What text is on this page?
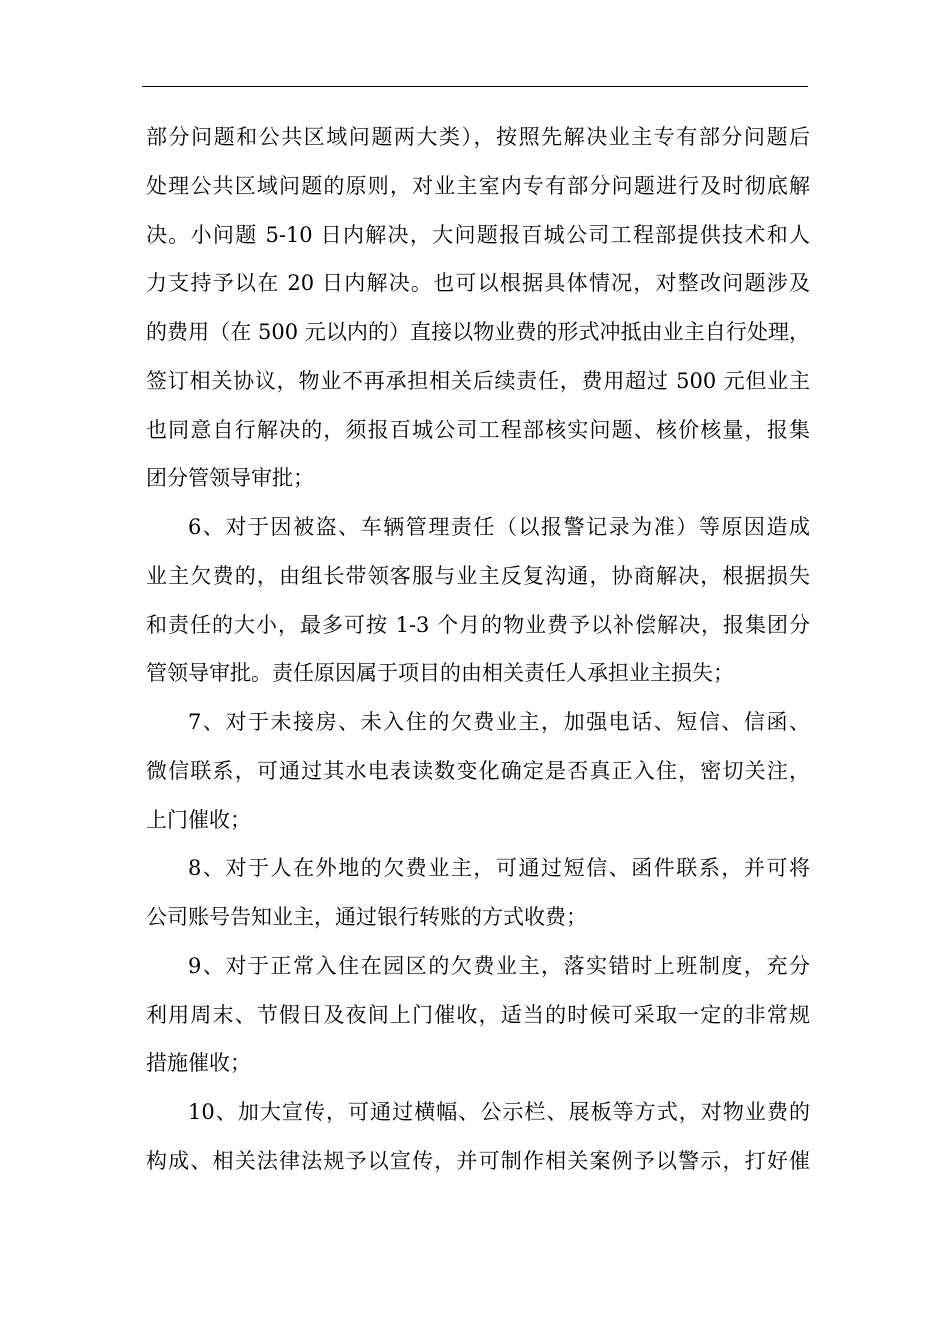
部分问题和公共区域问题两大类），按照先解决业主专有部分问题后
处理公共区域问题的原则，对业主室内专有部分问题进行及时彻底解
决。小问题 5-10 日内解决，大问题报百城公司工程部提供技术和人
力支持予以在 20 日内解决。也可以根据具体情况，对整改问题涉及
的费用（在 500 元以内的）直接以物业费的形式冲抵由业主自行处理，
签订相关协议，物业不再承担相关后续责任，费用超过 500 元但业主
也同意自行解决的，须报百城公司工程部核实问题、核价核量，报集
团分管领导审批；
6、对于因被盗、车辆管理责任（以报警记录为准）等原因造成
业主欠费的，由组长带领客服与业主反复沟通，协商解决，根据损失
和责任的大小，最多可按 1-3 个月的物业费予以补偿解决，报集团分
管领导审批。责任原因属于项目的由相关责任人承担业主损失；
7、对于未接房、未入住的欠费业主，加强电话、短信、信函、
微信联系，可通过其水电表读数变化确定是否真正入住，密切关注，
上门催收；
8、对于人在外地的欠费业主，可通过短信、函件联系，并可将
公司账号告知业主，通过银行转账的方式收费；
9、对于正常入住在园区的欠费业主，落实错时上班制度，充分
利用周末、节假日及夜间上门催收，适当的时候可采取一定的非常规
措施催收；
10、加大宣传，可通过横幅、公示栏、展板等方式，对物业费的
构成、相关法律法规予以宣传，并可制作相关案例予以警示，打好催
